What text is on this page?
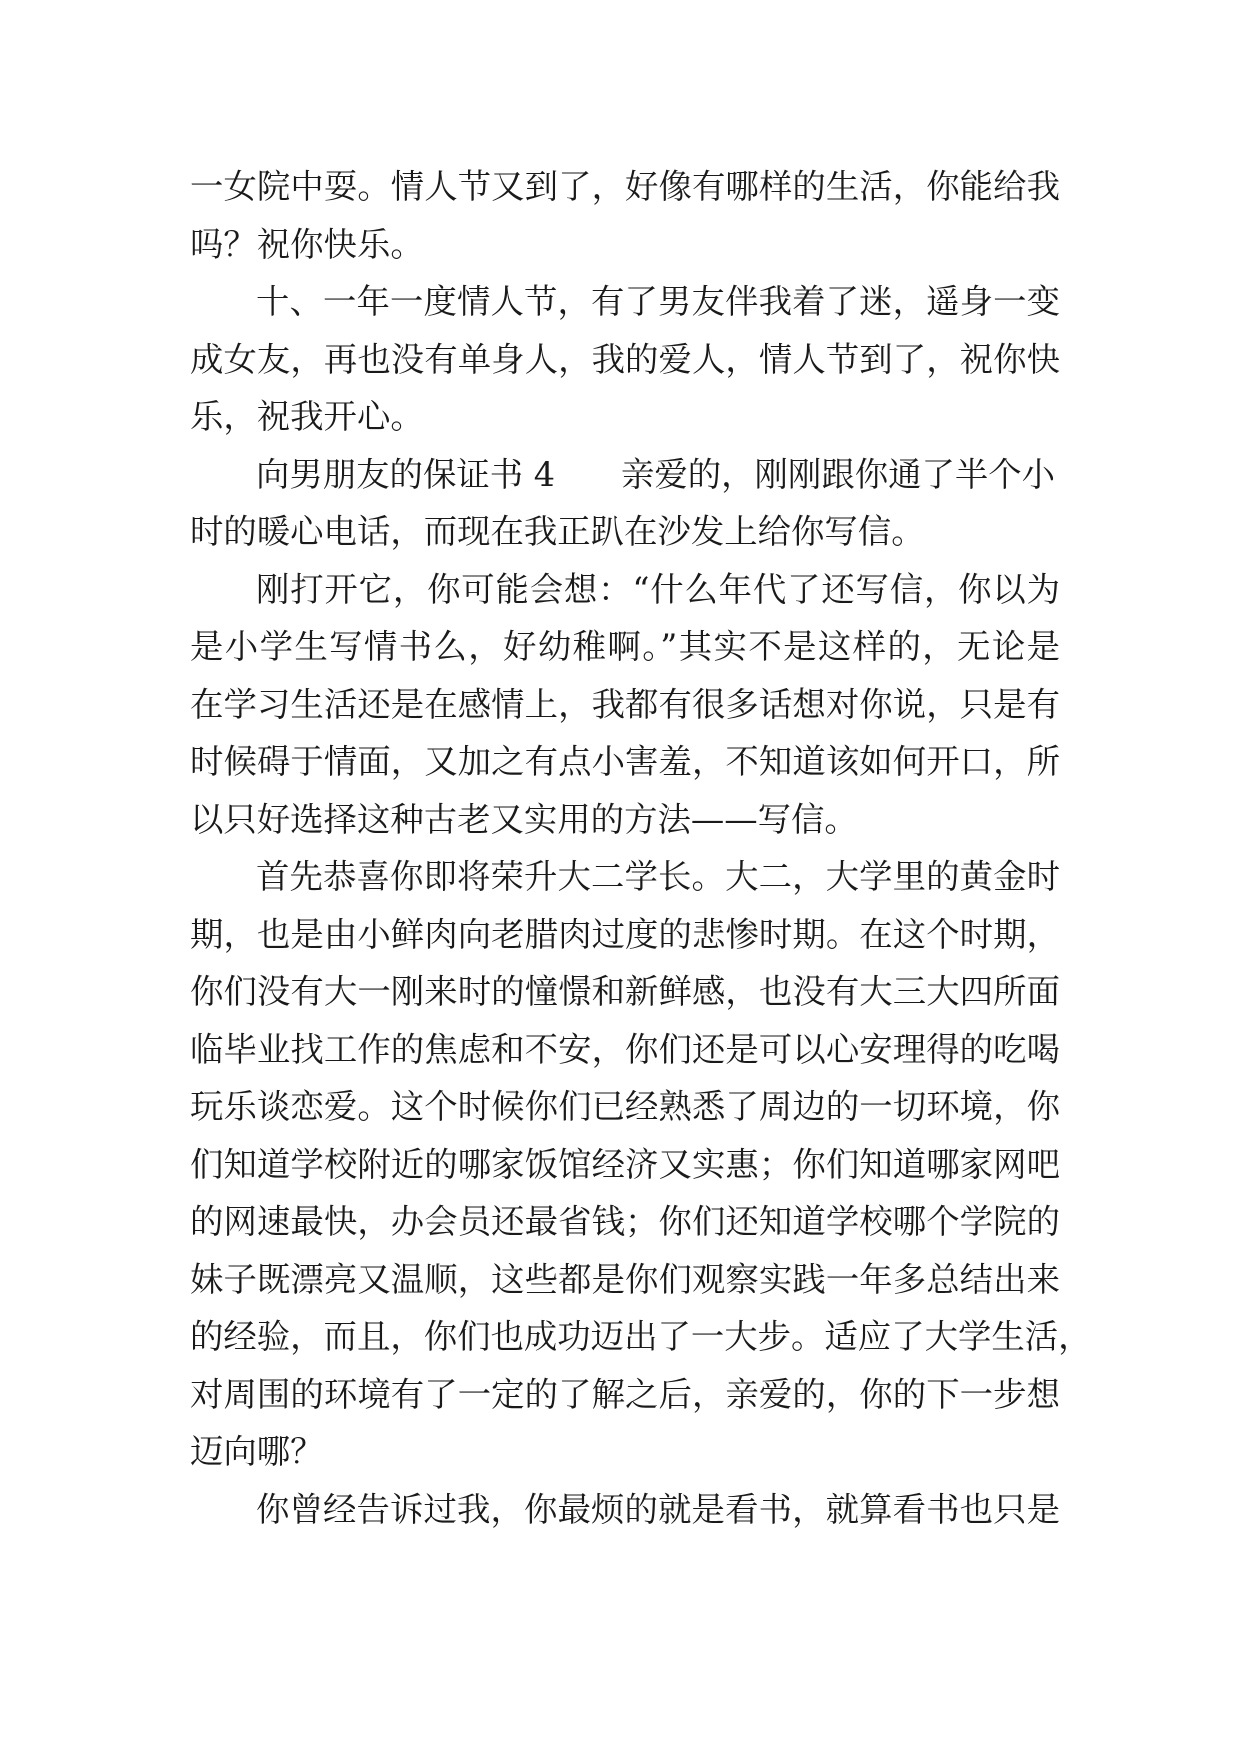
一女院中耍。情人节又到了，好像有哪样的生活，你能给我
吗？祝你快乐。
十、一年一度情人节，有了男友伴我着了迷，遥身一变
成女友，再也没有单身人，我的爱人，情人节到了，祝你快
乐，祝我开心。
向男朋友的保证书 4 亲爱的，刚刚跟你通了半个小
时的暖心电话，而现在我正趴在沙发上给你写信。
刚打开它，你可能会想：“什么年代了还写信，你以为
是小学生写情书么，好幼稚啊。”其实不是这样的，无论是
在学习生活还是在感情上，我都有很多话想对你说，只是有
时候碍于情面，又加之有点小害羞，不知道该如何开口，所
以只好选择这种古老又实用的方法——写信。
首先恭喜你即将荣升大二学长。大二，大学里的黄金时
期，也是由小鲜肉向老腊肉过度的悲惨时期。在这个时期，
你们没有大一刚来时的憧憬和新鲜感，也没有大三大四所面
临毕业找工作的焦虑和不安，你们还是可以心安理得的吃喝
玩乐谈恋爱。这个时候你们已经熟悉了周边的一切环境，你
们知道学校附近的哪家饭馆经济又实惠；你们知道哪家网吧
的网速最快，办会员还最省钱；你们还知道学校哪个学院的
妹子既漂亮又温顺，这些都是你们观察实践一年多总结出来
的经验，而且，你们也成功迈出了一大步。适应了大学生活，
对周围的环境有了一定的了解之后，亲爱的，你的下一步想
迈向哪？
你曾经告诉过我，你最烦的就是看书，就算看书也只是
